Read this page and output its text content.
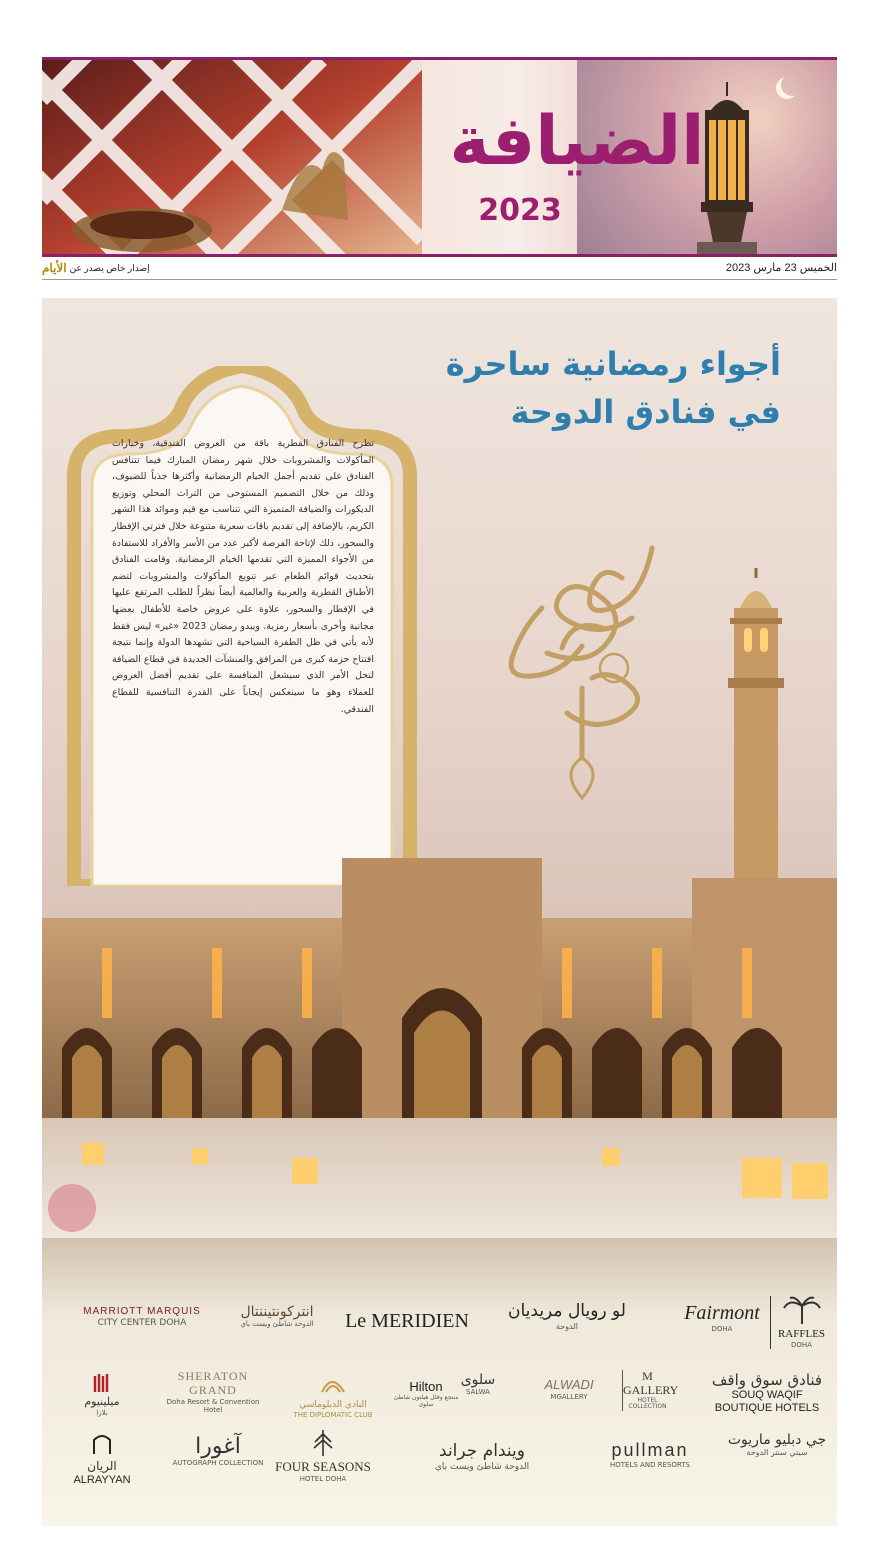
الضيافة
2023
الخميس 23 مارس 2023
إصدار خاص يصدر عن
الأيام
أجواء رمضانية ساحرة
في فنادق الدوحة
تطرح الفنادق القطرية باقة من العروض الفندقية، وخيارات المأكولات والمشروبات خلال شهر رمضان المبارك فيما تتنافس الفنادق على تقديم أجمل الخيام الرمضانية وأكثرها جذباً للضيوف، وذلك من خلال التصميم المستوحى من التراث المحلي وتوزيع الديكورات والضيافة المتميزة التي تتناسب مع قيم وموائد هذا الشهر الكريم، بالإضافة إلى تقديم باقات سعرية متنوعة خلال فترتي الإفطار والسحور، ذلك لإتاحة الفرصة لأكبر عدد من الأسر والأفراد للاستفادة من الأجواء المميزة التي تقدمها الخيام الرمضانية. وقامت الفنادق بتحديث قوائم الطعام عبر تنويع المأكولات والمشروبات لتضم الأطباق القطرية والعربية والعالمية أيضاً نظراً للطلب المرتفع عليها في الإفطار والسحور، علاوة على عروض خاصة للأطفال بعضها مجانية وأخرى بأسعار رمزية. ويبدو رمضان 2023 «غير» ليس فقط لأنه يأتي في ظل الطفرة السياحية التي تشهدها الدولة وإنما نتيجة افتتاح حزمة كبرى من المرافق والمنشآت الجديدة في قطاع الضيافة لتحل الأمر الذي سيشعل المنافسة على تقديم أفضل العروض للعملاء وهو ما سينعكس إيجاباً على القدرة التنافسية للقطاع الفندقي.
MARRIOTT MARQUIS
CITY CENTER DOHA
انتركونتيننتال
الدوحة شاطئ ويست باي	Le MERIDIEN	لو رويال مريديان
الدوحة
Fairmont
DOHA	RAFFLES
DOHA
ميلينيوم
بلازا
SHERATON GRAND
Doha Resort & Convention Hotel	النادي الدبلوماسي
THE DIPLOMATIC CLUB
Hilton
منتجع وفلل هيلتون شاطئ سلوى
سلوى
SALWA
ALWADI
MGALLERY
M GALLERY
HOTEL COLLECTION
فنادق سوق واقف
SOUQ WAQIF BOUTIQUE HOTELS
الريان
ALRAYYAN
آغورا
AUTOGRAPH COLLECTION FOUR SEASONS
HOTEL DOHA
ويندام جراند
الدوحة شاطئ ويست باي
pullman
HOTELS AND RESORTS
جي دبليو ماريوت
سيتي سنتر الدوحة
